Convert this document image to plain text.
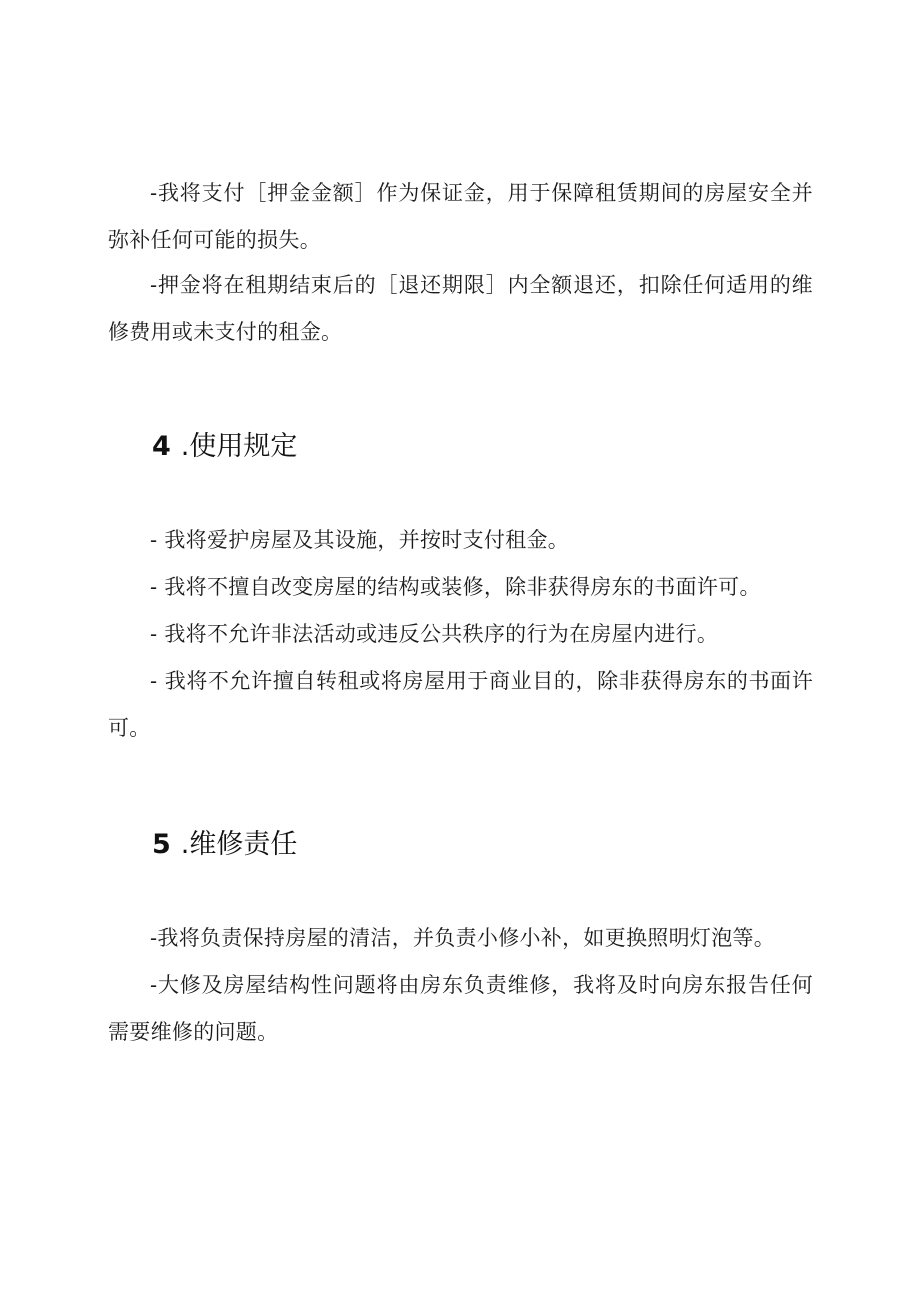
-我将支付［押金金额］作为保证金，用于保障租赁期间的房屋安全并弥补任何可能的损失。

-押金将在租期结束后的［退还期限］内全额退还，扣除任何适用的维修费用或未支付的租金。

4 .使用规定

- 我将爱护房屋及其设施，并按时支付租金。

- 我将不擅自改变房屋的结构或装修，除非获得房东的书面许可。

- 我将不允许非法活动或违反公共秩序的行为在房屋内进行。

- 我将不允许擅自转租或将房屋用于商业目的，除非获得房东的书面许可。

5 .维修责任

-我将负责保持房屋的清洁，并负责小修小补，如更换照明灯泡等。

-大修及房屋结构性问题将由房东负责维修，我将及时向房东报告任何需要维修的问题。
